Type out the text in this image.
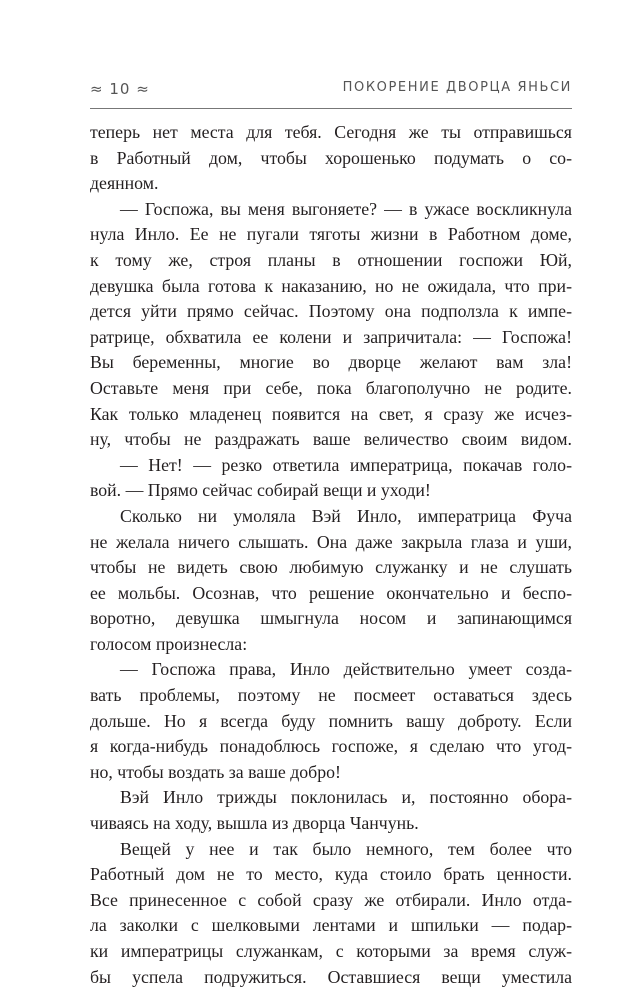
≈ 10 ≈	ПОКОРЕНИЕ ДВОРЦА ЯНЬСИ
теперь нет места для тебя. Сегодня же ты отправишься
в Работный дом, чтобы хорошенько подумать о со-
деянном.
— Госпожа, вы меня выгоняете? — в ужасе воскликнула
нула Инло. Ее не пугали тяготы жизни в Работном доме,
к тому же, строя планы в отношении госпожи Юй,
девушка была готова к наказанию, но не ожидала, что при-
дется уйти прямо сейчас. Поэтому она подползла к импе-
ратрице, обхватила ее колени и запричитала: — Госпожа!
Вы беременны, многие во дворце желают вам зла!
Оставьте меня при себе, пока благополучно не родите.
Как только младенец появится на свет, я сразу же исчез-
ну, чтобы не раздражать ваше величество своим видом.
— Нет! — резко ответила императрица, покачав голо-
вой. — Прямо сейчас собирай вещи и уходи!
Сколько ни умоляла Вэй Инло, императрица Фуча
не желала ничего слышать. Она даже закрыла глаза и уши,
чтобы не видеть свою любимую служанку и не слушать
ее мольбы. Осознав, что решение окончательно и беспо-
воротно, девушка шмыгнула носом и запинающимся
голосом произнесла:
— Госпожа права, Инло действительно умеет созда-
вать проблемы, поэтому не посмеет оставаться здесь
дольше. Но я всегда буду помнить вашу доброту. Если
я когда-нибудь понадоблюсь госпоже, я сделаю что угод-
но, чтобы воздать за ваше добро!
Вэй Инло трижды поклонилась и, постоянно обора-
чиваясь на ходу, вышла из дворца Чанчунь.
Вещей у нее и так было немного, тем более что
Работный дом не то место, куда стоило брать ценности.
Все принесенное с собой сразу же отбирали. Инло отда-
ла заколки с шелковыми лентами и шпильки — подар-
ки императрицы служанкам, с которыми за время служ-
бы успела подружиться. Оставшиеся вещи уместила
